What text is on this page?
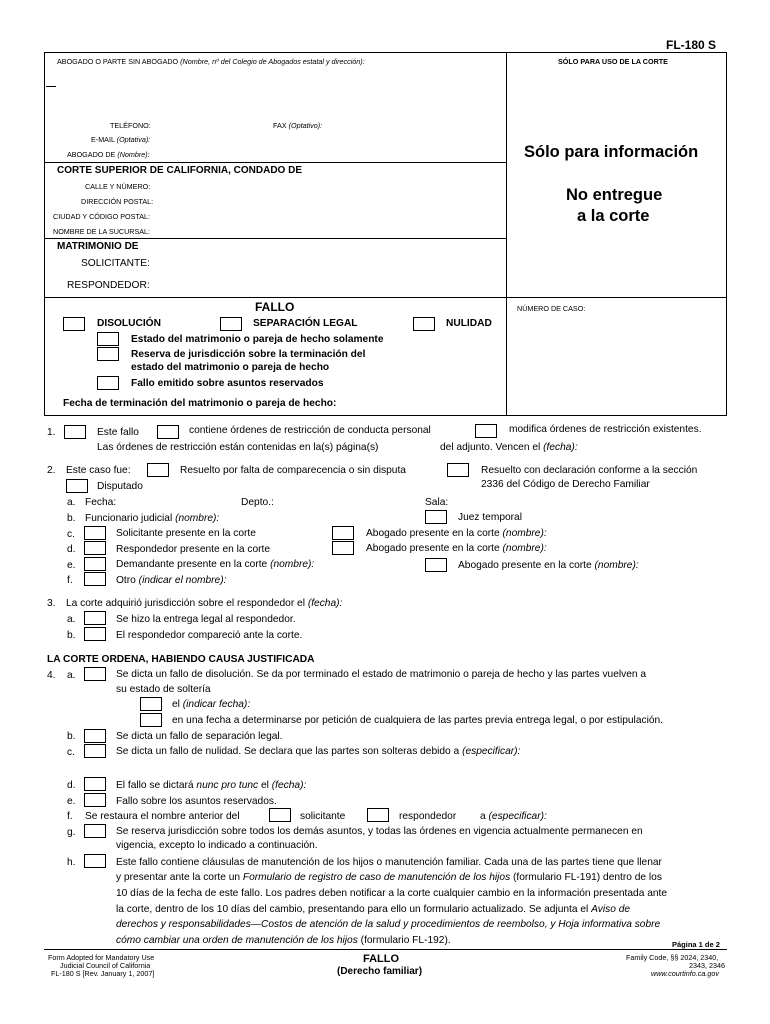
FL-180 S
ABOGADO O PARTE SIN ABOGADO (Nombre, nº del Colegio de Abogados estatal y dirección):	SÓLO PARA USO DE LA CORTE
TELÉFONO:	FAX (Optativo):
E-MAIL (Optativa):
ABOGADO DE (Nombre):
CORTE SUPERIOR DE CALIFORNIA, CONDADO DE
CALLE Y NÚMERO:
DIRECCIÓN POSTAL:
CIUDAD Y CÓDIGO POSTAL:
NOMBRE DE LA SUCURSAL:
MATRIMONIO DE
SOLICITANTE:
RESPONDEDOR:
Sólo para información
No entregue
a la corte
NÚMERO DE CASO:
FALLO
DISOLUCIÓN	SEPARACIÓN LEGAL	NULIDAD
Estado del matrimonio o pareja de hecho solamente
Reserva de jurisdicción sobre la terminación del
estado del matrimonio o pareja de hecho
Fallo emitido sobre asuntos reservados
Fecha de terminación del matrimonio o pareja de hecho:
1.	Este fallo	contiene órdenes de restricción de conducta personal	modifica órdenes de restricción existentes.
Las órdenes de restricción están contenidas en la(s) página(s)	del adjunto. Vencen el (fecha):
2. Este caso fue:	Resuelto por falta de comparecencia o sin disputa	Resuelto con declaración conforme a la sección
2336 del Código de Derecho Familiar
Disputado
a. Fecha:	Depto.:	Sala:
b. Funcionario judicial (nombre):	Juez temporal
c.	Solicitante presente en la corte	Abogado presente en la corte (nombre):
d.	Respondedor presente en la corte	Abogado presente en la corte (nombre):
e.	Demandante presente en la corte (nombre):	Abogado presente en la corte (nombre):
f.	Otro (indicar el nombre):
3. La corte adquirió jurisdicción sobre el respondedor el (fecha):
a.	Se hizo la entrega legal al respondedor.
b.	El respondedor compareció ante la corte.
LA CORTE ORDENA, HABIENDO CAUSA JUSTIFICADA
4. a.	Se dicta un fallo de disolución. Se da por terminado el estado de matrimonio o pareja de hecho y las partes vuelven a
su estado de soltería
el (indicar fecha):
en una fecha a determinarse por petición de cualquiera de las partes previa entrega legal, o por estipulación.
b.	Se dicta un fallo de separación legal.
c.	Se dicta un fallo de nulidad. Se declara que las partes son solteras debido a (especificar):
d.	El fallo se dictará nunc pro tunc el (fecha):
e.	Fallo sobre los asuntos reservados.
f. Se restaura el nombre anterior del	solicitante	respondedor a (especificar):
g.	Se reserva jurisdicción sobre todos los demás asuntos, y todas las órdenes en vigencia actualmente permanecen en
vigencia, excepto lo indicado a continuación.
h.	Este fallo contiene cláusulas de manutención de los hijos o manutención familiar. Cada una de las partes tiene que llenar
y presentar ante la corte un Formulario de registro de caso de manutención de los hijos (formulario FL-191) dentro de los
10 días de la fecha de este fallo. Los padres deben notificar a la corte cualquier cambio en la información presentada ante
la corte, dentro de los 10 días del cambio, presentando para ello un formulario actualizado. Se adjunta el Aviso de
derechos y responsabilidades—Costos de atención de la salud y procedimientos de reembolso, y Hoja informativa sobre
cómo cambiar una orden de manutención de los hijos (formulario FL-192).	Página 1 de 2
Form Adopted for Mandatory Use
Judicial Council of California
FL-180 S [Rev. January 1, 2007]
FALLO
(Derecho familiar)
Family Code, §§ 2024, 2340,
2343, 2346
www.courtinfo.ca.gov
